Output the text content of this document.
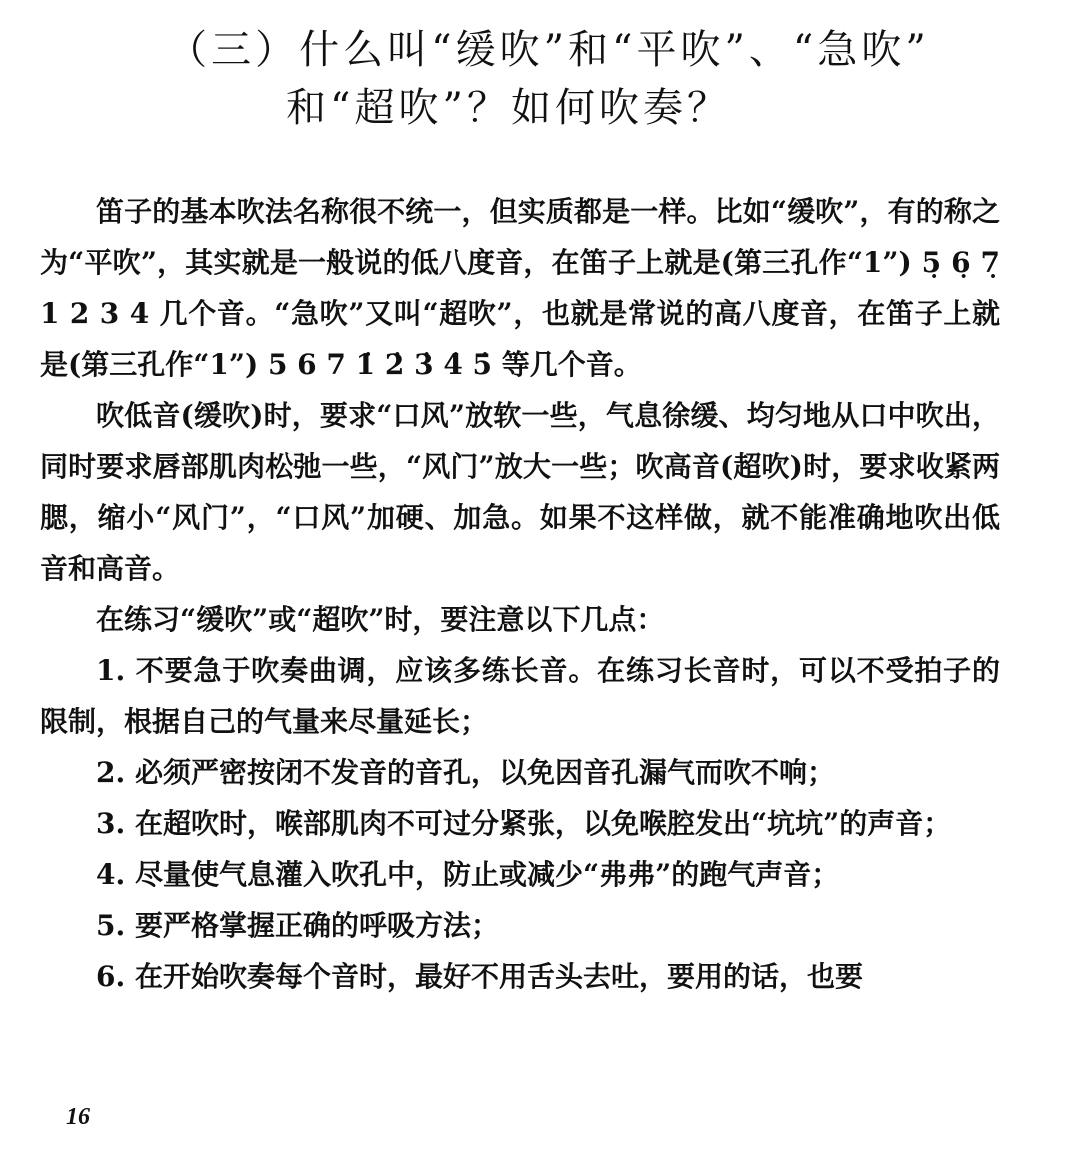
（三）什么叫“缓吹”和“平吹”、“急吹”
和“超吹”？如何吹奏？

笛子的基本吹法名称很不统一，但实质都是一样。比如“缓吹”，有的称之为“平吹”，其实就是一般说的低八度音，在笛子上就是(第三孔作“1”) 5̣ 6̣ 7̣ 1 2 3 4 几个音。“急吹”又叫“超吹”，也就是常说的高八度音，在笛子上就是(第三孔作“1”) 5 6 7 1̇ 2̇ 3̇ 4̇ 5̇ 等几个音。

吹低音(缓吹)时，要求“口风”放软一些，气息徐缓、均匀地从口中吹出，同时要求唇部肌肉松弛一些，“风门”放大一些；吹高音(超吹)时，要求收紧两腮，缩小“风门”，“口风”加硬、加急。如果不这样做，就不能准确地吹出低音和高音。

在练习“缓吹”或“超吹”时，要注意以下几点：

1. 不要急于吹奏曲调，应该多练长音。在练习长音时，可以不受拍子的限制，根据自己的气量来尽量延长；

2. 必须严密按闭不发音的音孔，以免因音孔漏气而吹不响；

3. 在超吹时，喉部肌肉不可过分紧张，以免喉腔发出“坑坑”的声音；

4. 尽量使气息灌入吹孔中，防止或减少“弗弗”的跑气声音；

5. 要严格掌握正确的呼吸方法；

6. 在开始吹奏每个音时，最好不用舌头去吐，要用的话，也要

16
